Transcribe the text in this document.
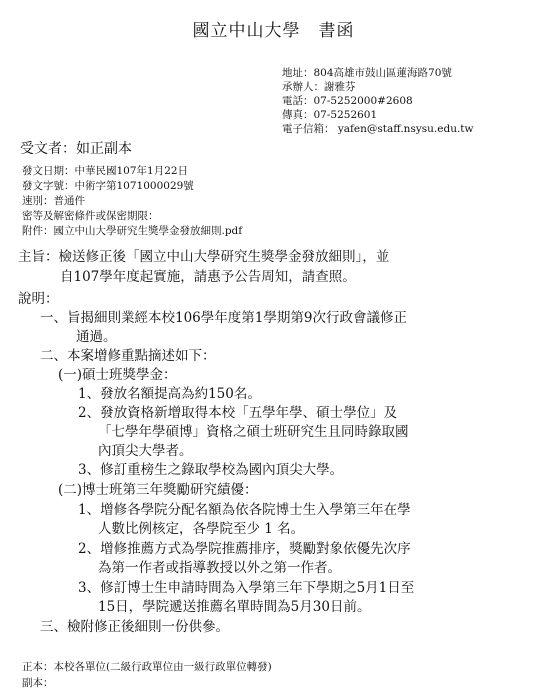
國立中山大學　書函
地址：804高雄市鼓山區蓮海路70號
承辦人：謝雅芬
電話：07-5252000#2608
傳真：07-5252601
電子信箱： yafen@staff.nsysu.edu.tw
受文者：如正副本
發文日期：中華民國107年1月22日
發文字號：中術字第1071000029號
速別：普通件
密等及解密條件或保密期限：
附件：國立中山大學研究生獎學金發放細則.pdf
主旨：檢送修正後「國立中山大學研究生獎學金發放細則」，並
自107學年度起實施，請惠予公告周知，請查照。
說明：
一、旨揭細則業經本校106學年度第1學期第9次行政會議修正
通過。
二、本案增修重點摘述如下：
(一)碩士班獎學金：
1、發放名額提高為約150名。
2、發放資格新增取得本校「五學年學、碩士學位」及
「七學年學碩博」資格之碩士班研究生且同時錄取國
內頂尖大學者。
3、修訂重榜生之錄取學校為國內頂尖大學。
(二)博士班第三年獎勵研究績優：
1、增修各學院分配名額為依各院博士生入學第三年在學
人數比例核定，各學院至少 1 名。
2、增修推薦方式為學院推薦排序，獎勵對象依優先次序
為第一作者或指導教授以外之第一作者。
3、修訂博士生申請時間為入學第三年下學期之5月1日至
15日，學院遞送推薦名單時間為5月30日前。
三、檢附修正後細則一份供參。
正本：本校各單位(二級行政單位由一級行政單位轉發)
副本：
